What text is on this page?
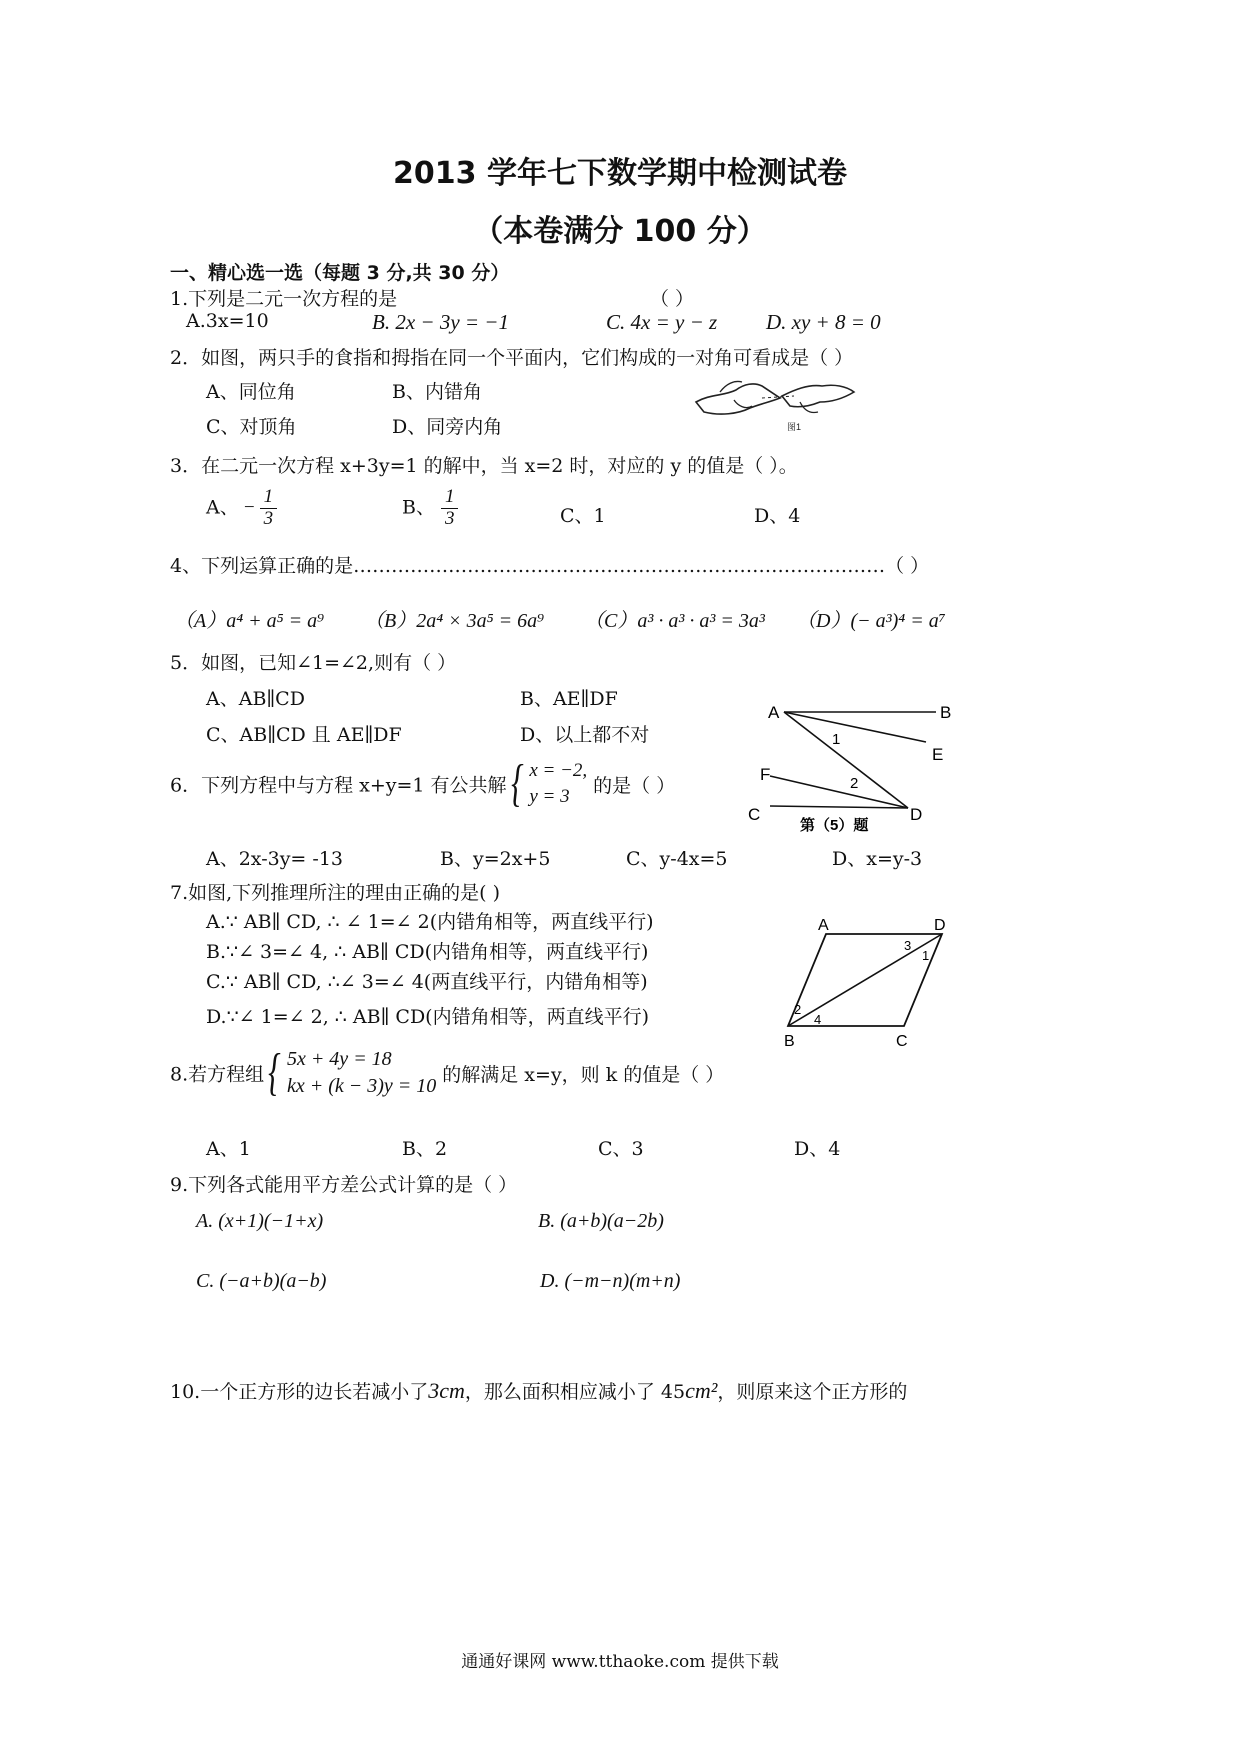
2013 学年七下数学期中检测试卷
（本卷满分 100 分）
一、精心选一选（每题 3 分,共 30 分）
1.下列是二元一次方程的是	（ ）
A.3x=10	B. 2x − 3y = −1	C. 4x = y − z D. xy + 8 = 0
2．如图，两只手的食指和拇指在同一个平面内，它们构成的一对角可看成是（ ）
A、同位角	B、内错角
C、对顶角	D、同旁内角	图1
3．在二元一次方程 x+3y=1 的解中，当 x=2 时，对应的 y 的值是（ ）。
A、 − $\frac{1}{3}$	B、 $\frac{1}{3}$	C、1	D、4
4、下列运算正确的是…………………………………………………………………………（ ）
（A）a⁴ + a⁵ = a⁹ （B）2a⁴ × 3a⁵ = 6a⁹ （C）a³ · a³ · a³ = 3a³ （D）(− a³)⁴ = a⁷
5．如图，已知∠1=∠2,则有（ ）
A、AB∥CD	B、AE∥DF
C、AB∥CD 且 AE∥DF	D、以上都不对
A	B
E
F
C	D
1
2
第（5）题
6．下列方程中与方程 x+y=1 有公共解 { x = −2,
y = 3	的是（ ）
A、2x-3y= -13	B、y=2x+5	C、y-4x=5	D、x=y-3
7.如图,下列推理所注的理由正确的是( )
A.∵ AB∥ CD, ∴ ∠ 1=∠ 2(内错角相等，两直线平行)
B.∵∠ 3=∠ 4, ∴ AB∥ CD(内错角相等，两直线平行)
C.∵ AB∥ CD, ∴∠ 3=∠ 4(两直线平行，内错角相等)
D.∵∠ 1=∠ 2, ∴ AB∥ CD(内错角相等，两直线平行)
A	D
B	C
3
1
2
4
8.若方程组 { 5x + 4y = 18
kx + (k − 3)y = 10
的解满足 x=y，则 k 的值是（ ）
A、1	B、2	C、3	D、4
9.下列各式能用平方差公式计算的是（ ）
A. (x+1)(−1+x)	B. (a+b)(a−2b)
C. (−a+b)(a−b)	D. (−m−n)(m+n)
10.一个正方形的边长若减小了3cm，那么面积相应减小了 45cm²，则原来这个正方形的
通通好课网 www.tthaoke.com 提供下载
